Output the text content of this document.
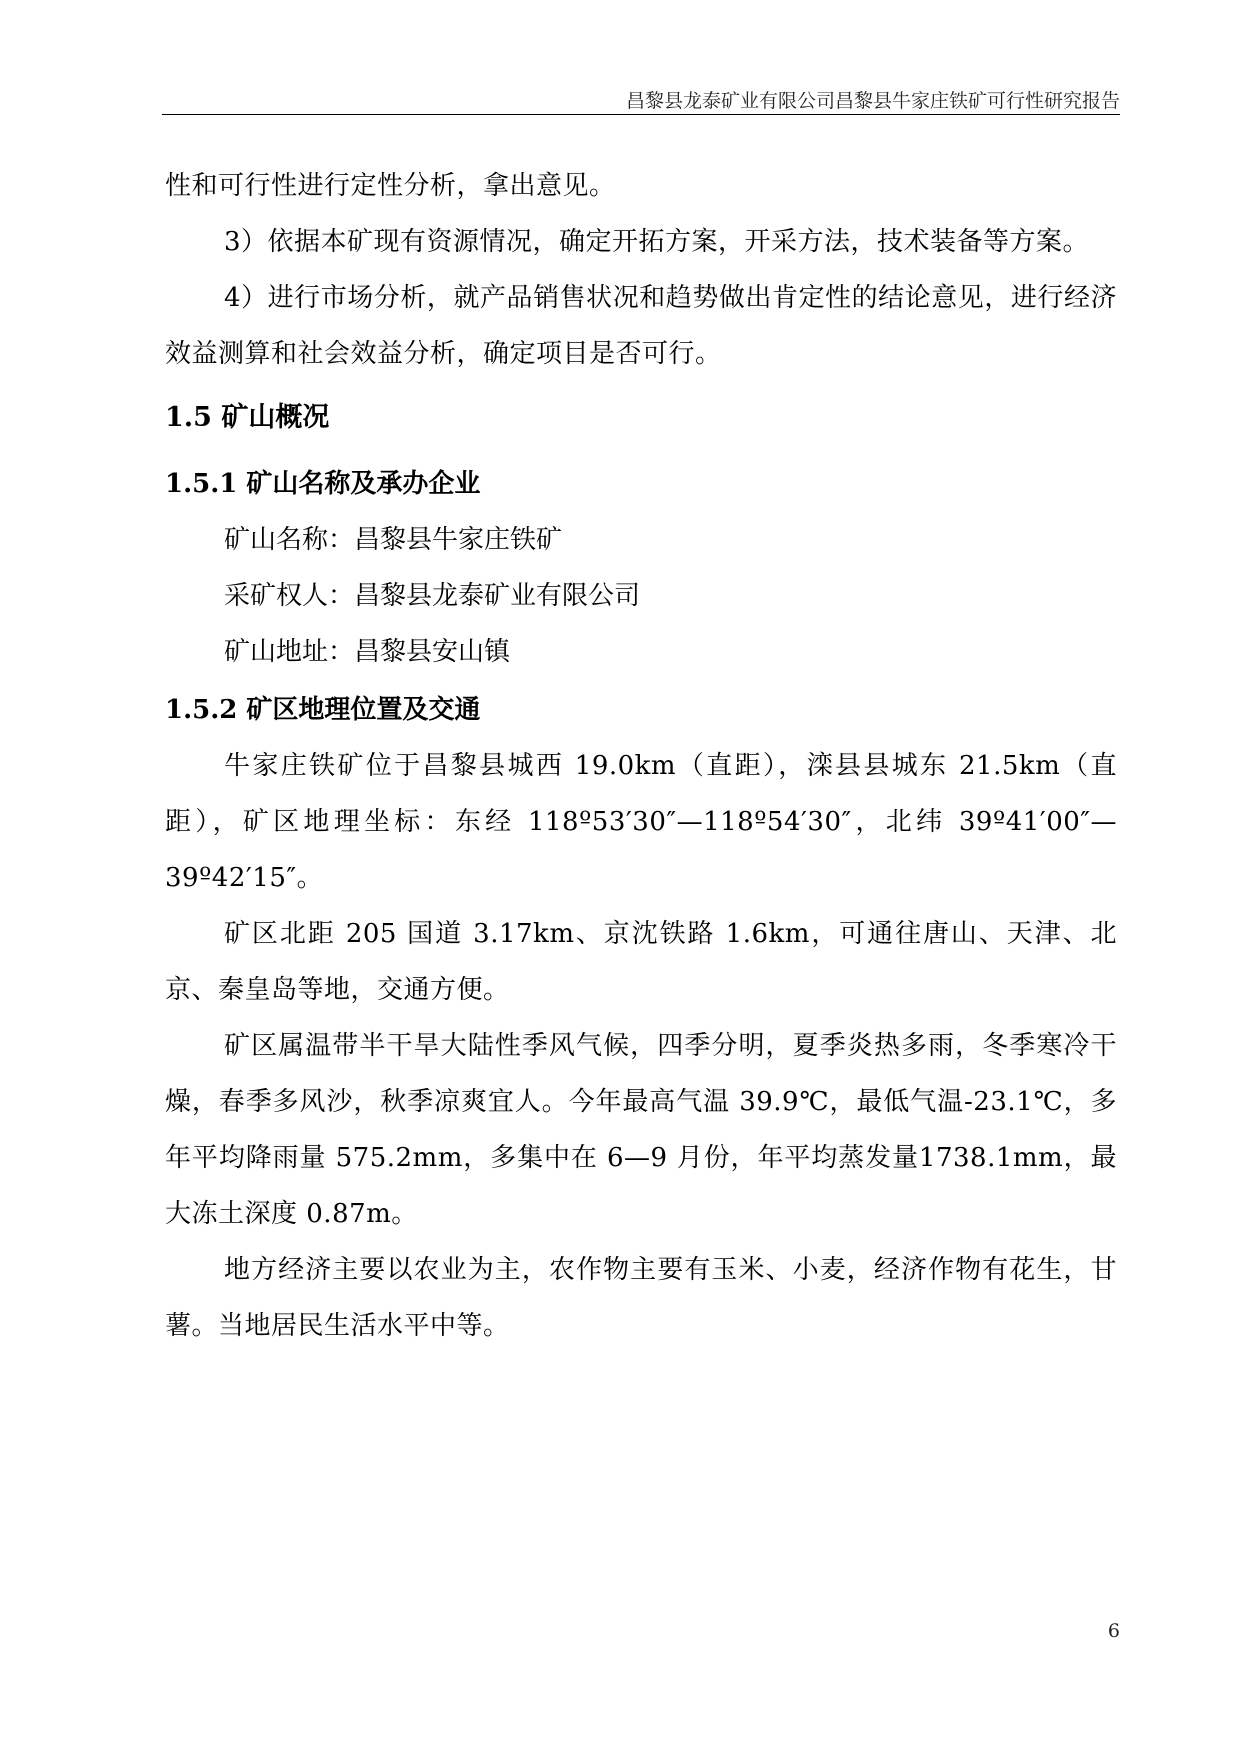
昌黎县龙泰矿业有限公司昌黎县牛家庄铁矿可行性研究报告

性和可行性进行定性分析，拿出意见。

3）依据本矿现有资源情况，确定开拓方案，开采方法，技术装备等方案。

4）进行市场分析，就产品销售状况和趋势做出肯定性的结论意见，进行经济效益测算和社会效益分析，确定项目是否可行。

1.5 矿山概况
1.5.1 矿山名称及承办企业

矿山名称：昌黎县牛家庄铁矿

采矿权人：昌黎县龙泰矿业有限公司

矿山地址：昌黎县安山镇

1.5.2 矿区地理位置及交通

牛家庄铁矿位于昌黎县城西 19.0km（直距），滦县县城东 21.5km（直距），矿区地理坐标：东经 118º53′30″—118º54′30″，北纬 39º41′00″—39º42′15″。

矿区北距 205 国道 3.17km、京沈铁路 1.6km，可通往唐山、天津、北京、秦皇岛等地，交通方便。

矿区属温带半干旱大陆性季风气候，四季分明，夏季炎热多雨，冬季寒冷干燥，春季多风沙，秋季凉爽宜人。今年最高气温 39.9℃，最低气温-23.1℃，多年平均降雨量 575.2mm，多集中在 6—9 月份，年平均蒸发量1738.1mm，最大冻土深度 0.87m。

地方经济主要以农业为主，农作物主要有玉米、小麦，经济作物有花生，甘薯。当地居民生活水平中等。

6
